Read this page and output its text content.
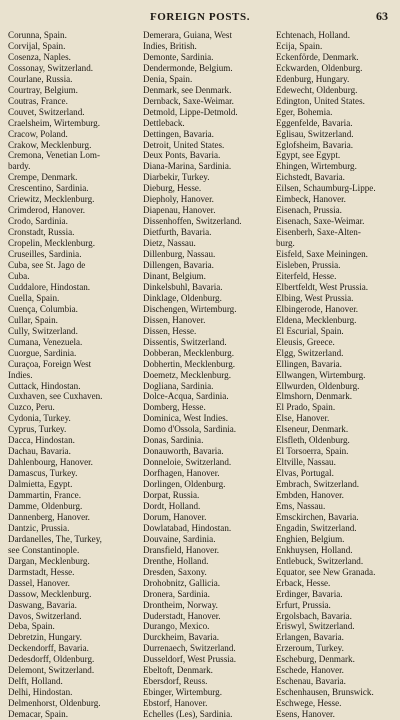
FOREIGN POSTS.	63
Corunna, Spain.
Corvijal, Spain.
Cosenza, Naples.
Cossonay, Switzerland.
Courlane, Russia.
Courtray, Belgium.
Coutras, France.
Couvet, Switzerland.
Craelsheim, Wirtemburg.
Cracow, Poland.
Crakow, Mecklenburg.
Cremona, Venetian Lom-
bardy.
Crempe, Denmark.
Crescentino, Sardinia.
Criewitz, Mecklenburg.
Crimderod, Hanover.
Crodo, Sardinia.
Cronstadt, Russia.
Cropelin, Mecklenburg.
Cruseilles, Sardinia.
Cuba, see St. Jago de
Cuba.
Cuddalore, Hindostan.
Cuella, Spain.
Cuença, Columbia.
Cullar, Spain.
Cully, Switzerland.
Cumana, Venezuela.
Cuorgue, Sardinia.
Curaçoa, Foreign West
Indies.
Cuttack, Hindostan.
Cuxhaven, see Cuxhaven.
Cuzco, Peru.
Cydonia, Turkey.
Cyprus, Turkey.
Dacca, Hindostan.
Dachau, Bavaria.
Dahlenbourg, Hanover.
Damascus, Turkey.
Dalmietta, Egypt.
Dammartin, France.
Damme, Oldenburg.
Dannenberg, Hanover.
Dantzic, Prussia.
Dardanelles, The, Turkey,
see Constantinople.
Dargan, Mecklenburg.
Darmstadt, Hesse.
Dassel, Hanover.
Dassow, Mecklenburg.
Daswang, Bavaria.
Davos, Switzerland.
Deba, Spain.
Debretzin, Hungary.
Deckendorff, Bavaria.
Dedesdorff, Oldenburg.
Delemont, Switzerland.
Delft, Holland.
Delhi, Hindostan.
Delmenhorst, Oldenburg.
Demacar, Spain.
Demerara, Guiana, West
Indies, British.
Demonte, Sardinia.
Dendermonde, Belgium.
Denia, Spain.
Denmark, see Denmark.
Dernback, Saxe-Weimar.
Detmold, Lippe-Detmold.
Dettleback.
Dettingen, Bavaria.
Detroit, United States.
Deux Ponts, Bavaria.
Diana-Marina, Sardinia.
Diarbekir, Turkey.
Dieburg, Hesse.
Diepholy, Hanover.
Diapenau, Hanover.
Dissenhoffen, Switzerland.
Dietfurth, Bavaria.
Dietz, Nassau.
Dillenburg, Nassau.
Dillengen, Bavaria.
Dinant, Belgium.
Dinkelsbuhl, Bavaria.
Dinklage, Oldenburg.
Dischengen, Wirtemburg.
Dissen, Hanover.
Dissen, Hesse.
Dissentis, Switzerland.
Dobberan, Mecklenburg.
Dobhertin, Mecklenburg.
Doemetz, Mecklenburg.
Dogliana, Sardinia.
Dolce-Acqua, Sardinia.
Domberg, Hesse.
Dominica, West Indies.
Domo d'Ossola, Sardinia.
Donas, Sardinia.
Donauworth, Bavaria.
Donneloie, Switzerland.
Dorfhagen, Hanover.
Dorlingen, Oldenburg.
Dorpat, Russia.
Dordt, Holland.
Dorum, Hanover.
Dowlatabad, Hindostan.
Douvaine, Sardinia.
Dransfield, Hanover.
Drenthe, Holland.
Dresden, Saxony.
Drohobnitz, Gallicia.
Dronera, Sardinia.
Drontheim, Norway.
Duderstadt, Hanover.
Durango, Mexico.
Durckheim, Bavaria.
Durrenaech, Switzerland.
Dusseldorf, West Prussia.
Ebeltoft, Denmark.
Ebersdorf, Reuss.
Ebinger, Wirtemburg.
Ebstorf, Hanover.
Echelles (Les), Sardinia.
Echtenach, Holland.
Ecija, Spain.
Eckenförde, Denmark.
Eckwarden, Oldenburg.
Edenburg, Hungary.
Edewecht, Oldenburg.
Edington, United States.
Eger, Bohemia.
Eggenfelde, Bavaria.
Eglisau, Switzerland.
Eglofsheim, Bavaria.
Egypt, see Egypt.
Ehingen, Wirtemburg.
Eichstedt, Bavaria.
Eilsen, Schaumburg-Lippe.
Eimbeck, Hanover.
Eisenach, Prussia.
Eisenach, Saxe-Weimar.
Eisenberh, Saxe-Alten-
burg.
Eisfeld, Saxe Meiningen.
Eisleben, Prussia.
Eiterfeld, Hesse.
Elbertfeldt, West Prussia.
Elbing, West Prussia.
Elbingerode, Hanover.
Eldena, Mecklenburg.
El Escurial, Spain.
Eleusis, Greece.
Elgg, Switzerland.
Ellingen, Bavaria.
Ellwangen, Wirtemburg.
Ellwurden, Oldenburg.
Elmshorn, Denmark.
El Prado, Spain.
Else, Hanover.
Elseneur, Denmark.
Elsfleth, Oldenburg.
El Torsoerra, Spain.
Eltville, Nassau.
Elvas, Portugal.
Embrach, Switzerland.
Embden, Hanover.
Ems, Nassau.
Emsckirchen, Bavaria.
Engadin, Switzerland.
Enghien, Belgium.
Enkhuysen, Holland.
Entlebuck, Switzerland.
Equator, see New Granada.
Erback, Hesse.
Erdinger, Bavaria.
Erfurt, Prussia.
Ergolsbach, Bavaria.
Eriswyl, Switzerland.
Erlangen, Bavaria.
Erzeroum, Turkey.
Escheburg, Denmark.
Eschede, Hanover.
Eschenau, Bavaria.
Eschenhausen, Brunswick.
Eschwege, Hesse.
Esens, Hanover.
